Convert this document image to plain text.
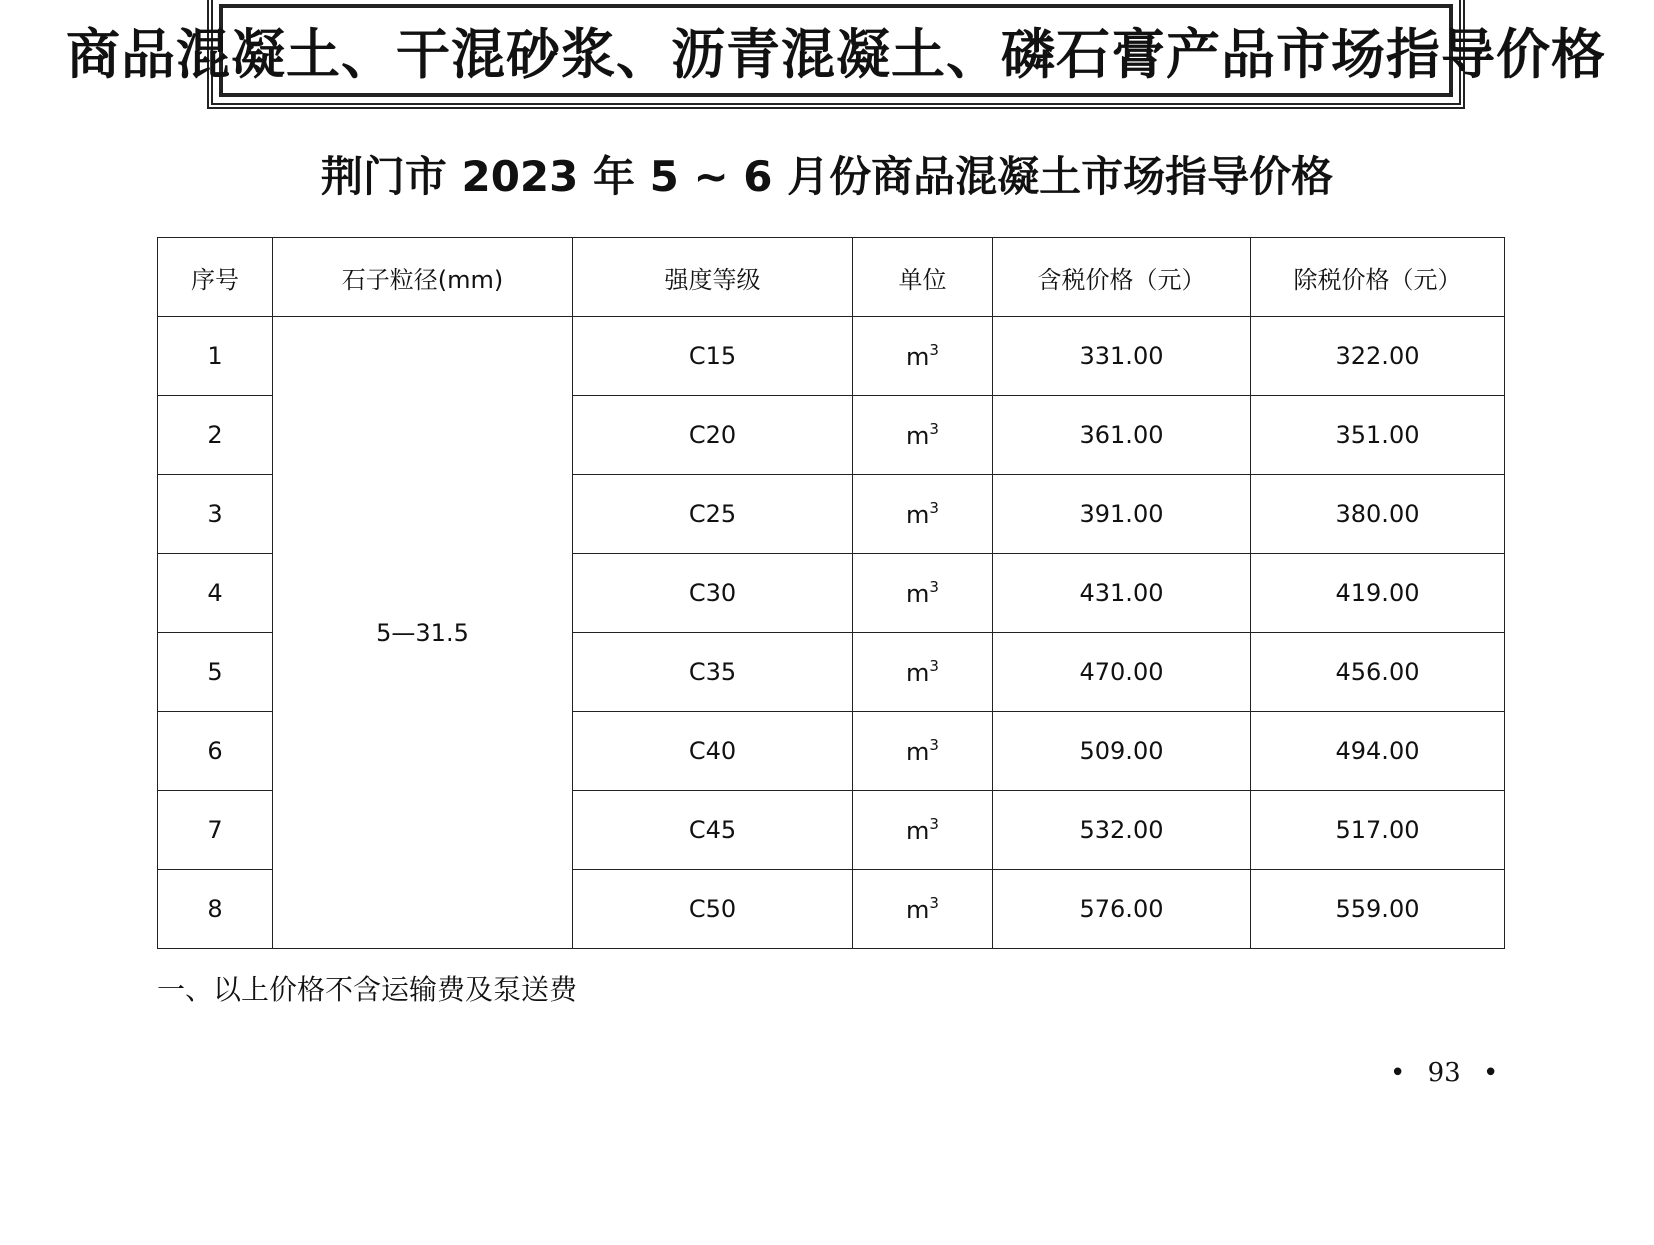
商品混凝土、干混砂浆、沥青混凝土、磷石膏产品市场指导价格
荆门市 2023 年 5 ~ 6 月份商品混凝土市场指导价格
序号	石子粒径(mm)	强度等级	单位	含税价格（元）	除税价格（元）
1	5—31.5	C15	$m^3$	331.00	322.00
2		C20	$m^3$	361.00	351.00
3		C25	$m^3$	391.00	380.00
4		C30	$m^3$	431.00	419.00
5		C35	$m^3$	470.00	456.00
6		C40	$m^3$	509.00	494.00
7		C45	$m^3$	532.00	517.00
8		C50	$m^3$	576.00	559.00
一、以上价格不含运输费及泵送费
• 93 •
